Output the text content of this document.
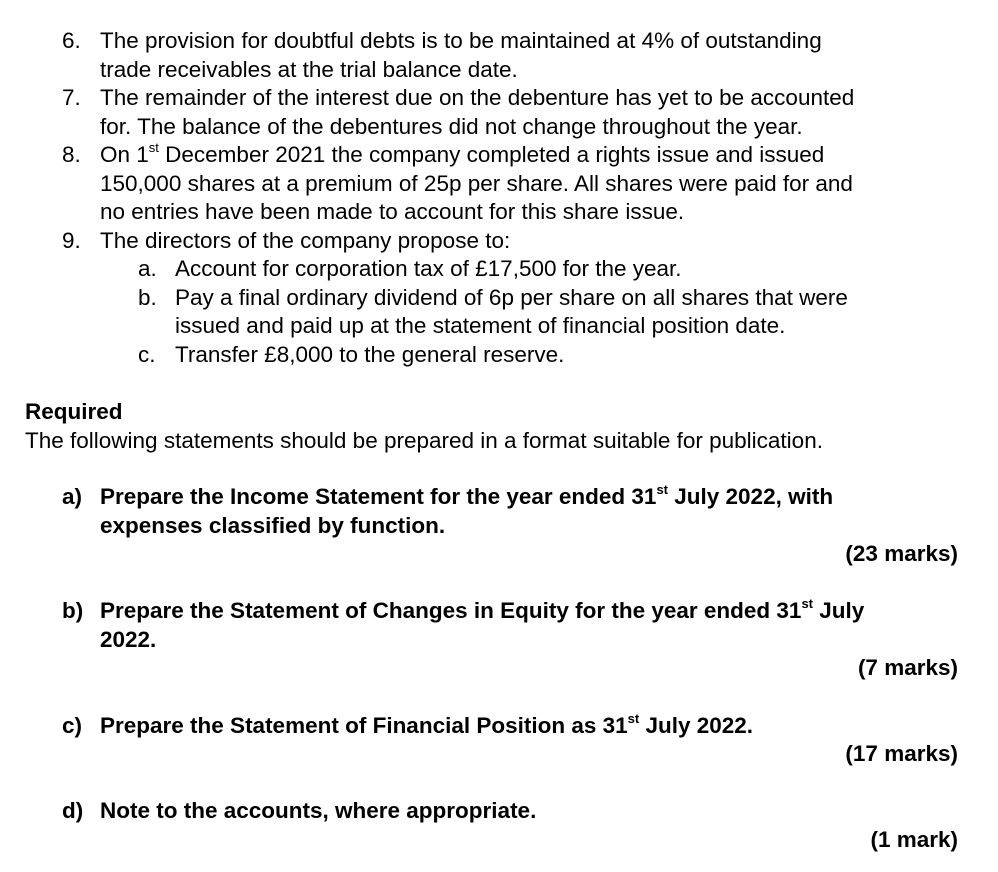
6. The provision for doubtful debts is to be maintained at 4% of outstanding
trade receivables at the trial balance date.
7. The remainder of the interest due on the debenture has yet to be accounted
for. The balance of the debentures did not change throughout the year.
8. On 1st December 2021 the company completed a rights issue and issued
150,000 shares at a premium of 25p per share. All shares were paid for and
no entries have been made to account for this share issue.
9. The directors of the company propose to:
a. Account for corporation tax of £17,500 for the year.
b. Pay a final ordinary dividend of 6p per share on all shares that were
issued and paid up at the statement of financial position date.
c. Transfer £8,000 to the general reserve.
Required
The following statements should be prepared in a format suitable for publication.
a) Prepare the Income Statement for the year ended 31st July 2022, with
expenses classified by function.
(23 marks)
b) Prepare the Statement of Changes in Equity for the year ended 31st July
2022.
(7 marks)
c) Prepare the Statement of Financial Position as 31st July 2022.
(17 marks)
d) Note to the accounts, where appropriate.
(1 mark)
